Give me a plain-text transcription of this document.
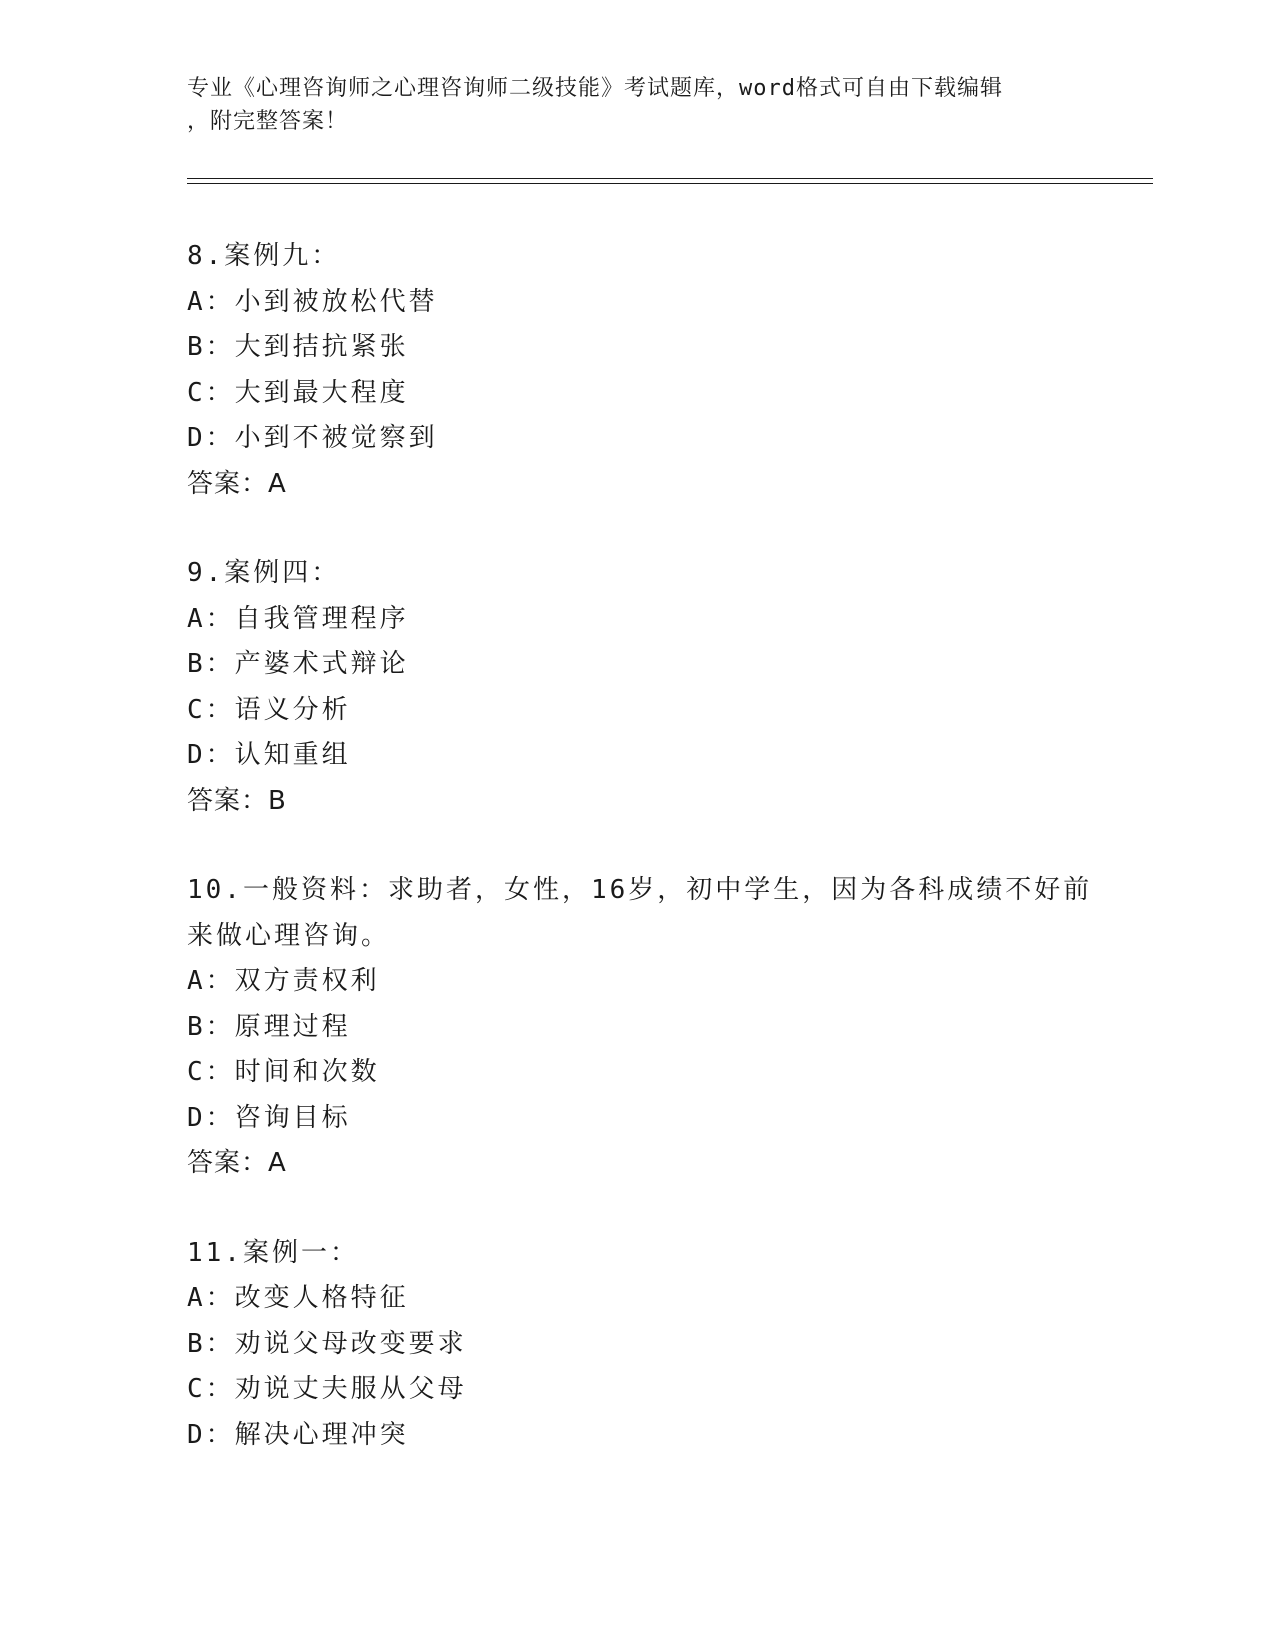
专业《心理咨询师之心理咨询师二级技能》考试题库，word格式可自由下载编辑
，附完整答案！
8.案例九：
A：小到被放松代替
B：大到拮抗紧张
C：大到最大程度
D：小到不被觉察到
答案：A
9.案例四：
A：自我管理程序
B：产婆术式辩论
C：语义分析
D：认知重组
答案：B
10.一般资料：求助者，女性，16岁，初中学生，因为各科成绩不好前
来做心理咨询。
A：双方责权利
B：原理过程
C：时间和次数
D：咨询目标
答案：A
11.案例一：
A：改变人格特征
B：劝说父母改变要求
C：劝说丈夫服从父母
D：解决心理冲突
